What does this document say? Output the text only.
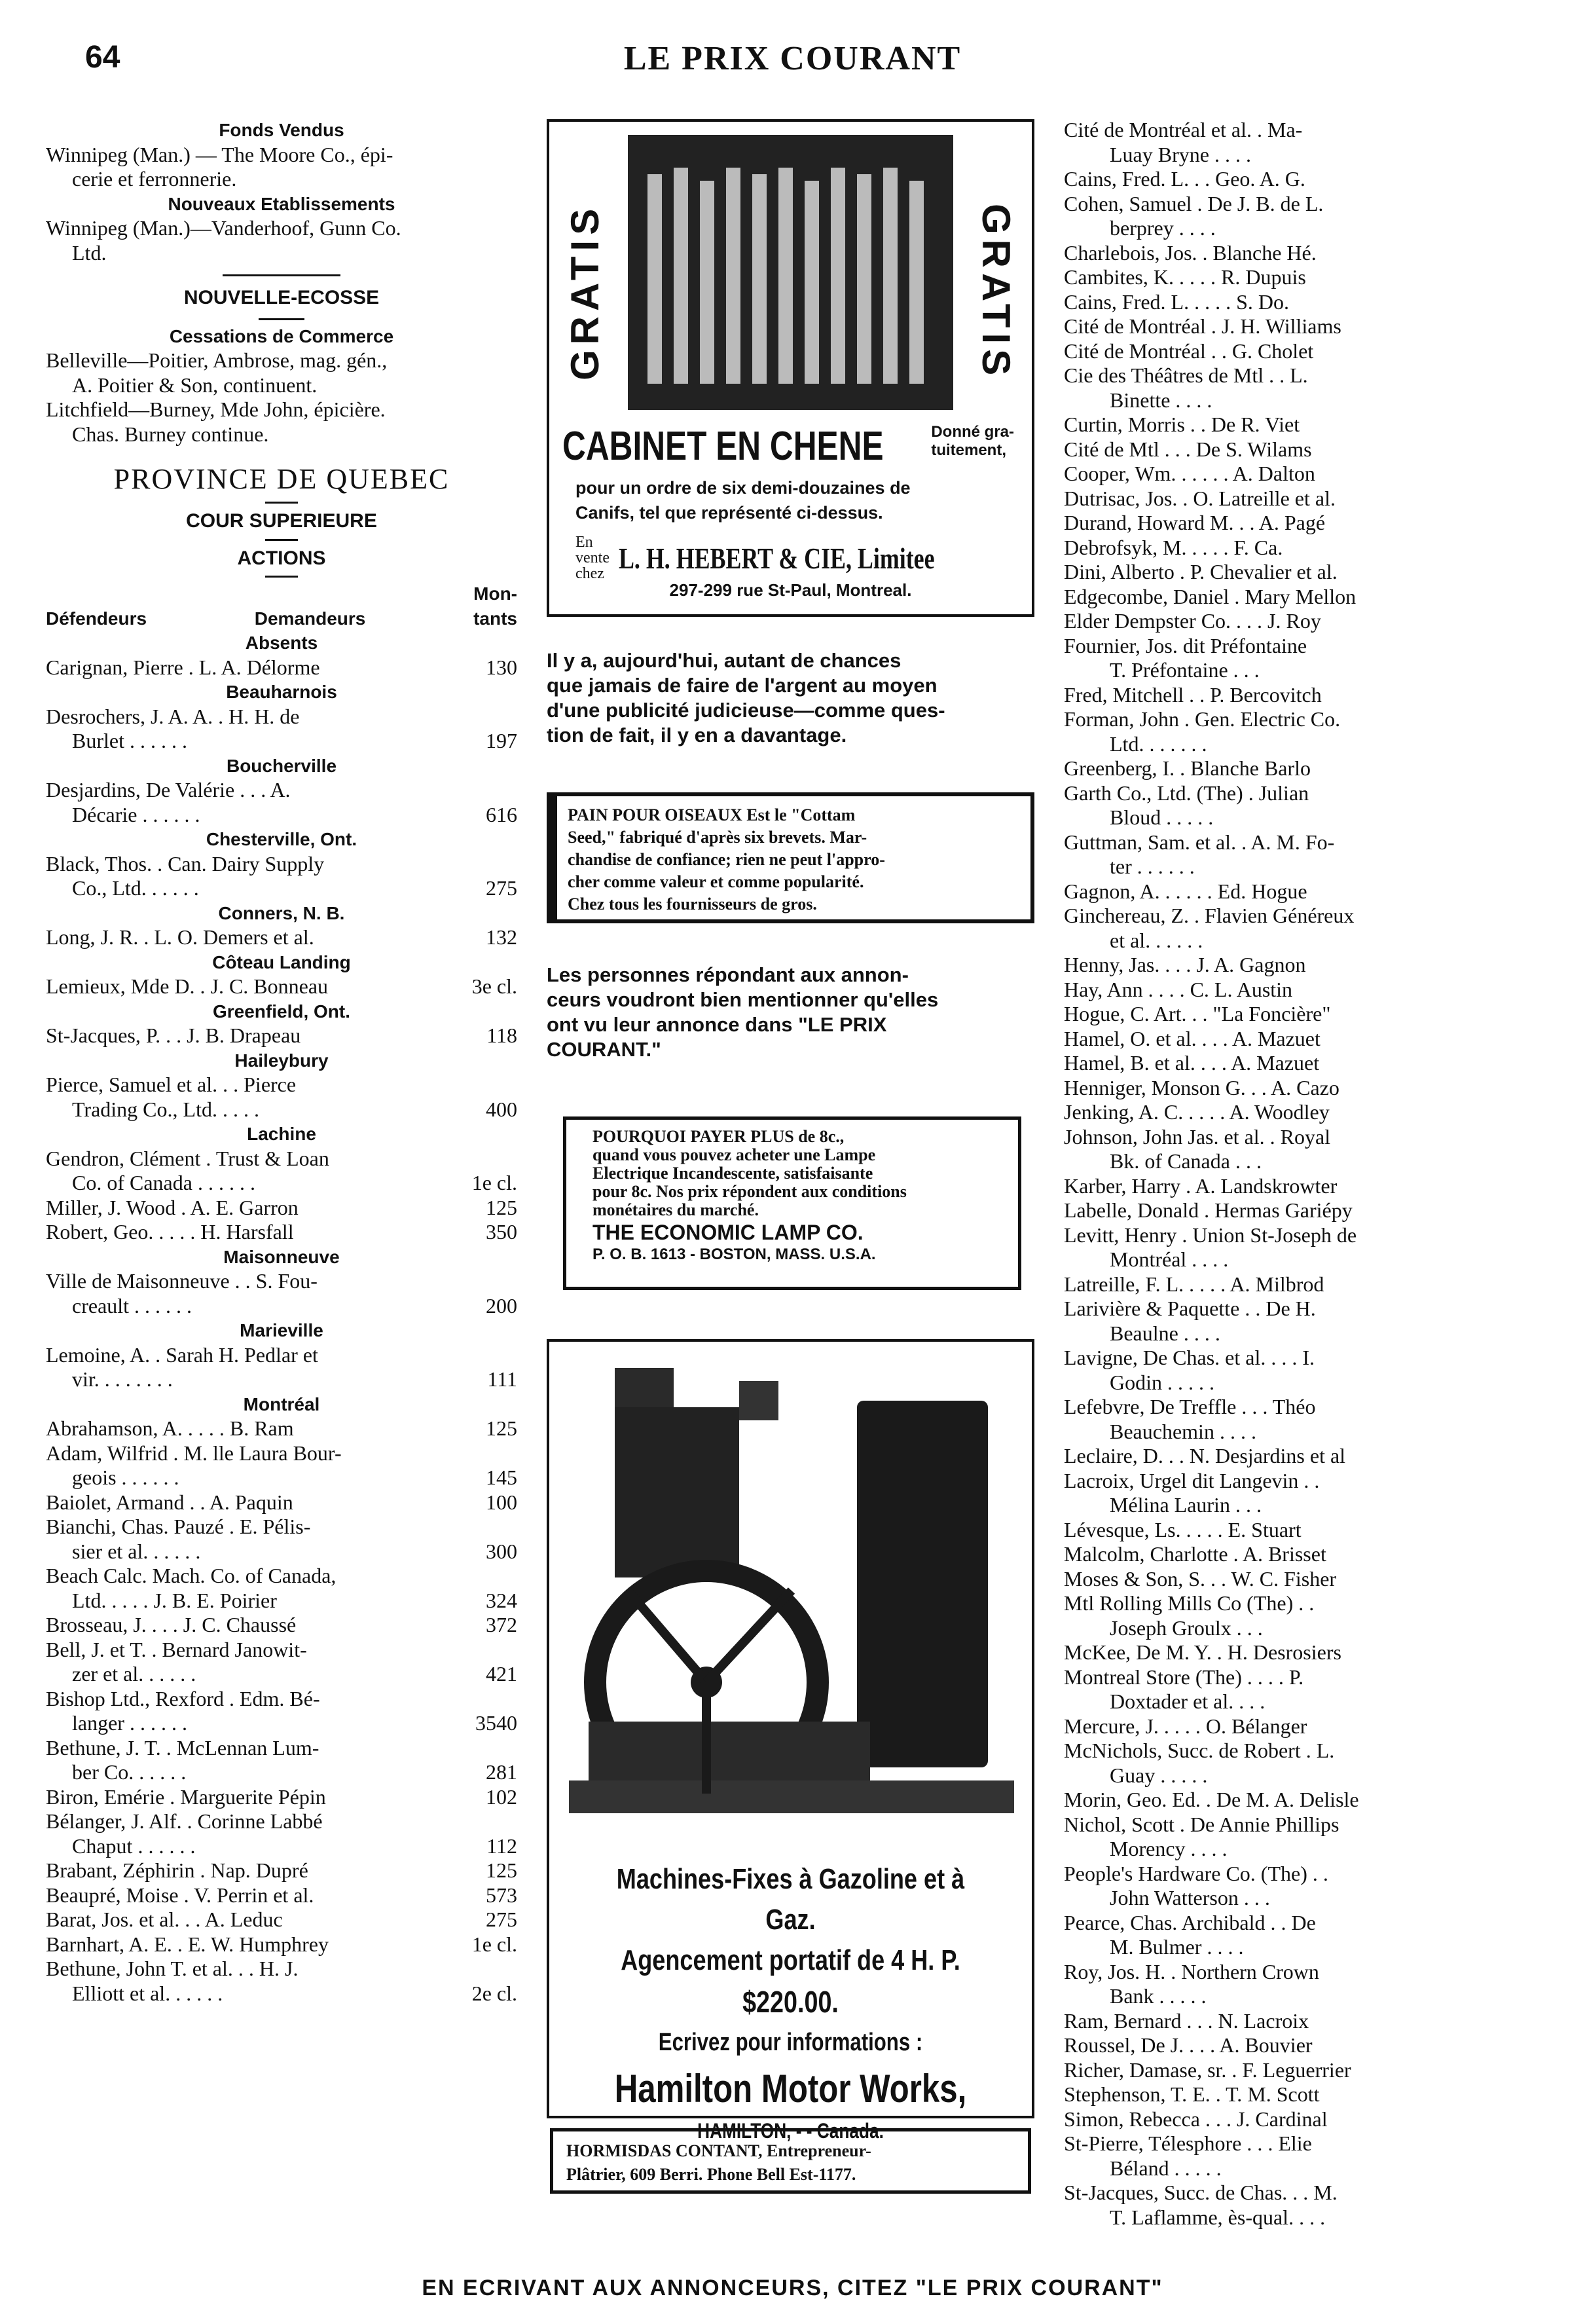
64	LE PRIX COURANT
Fonds Vendus
Winnipeg (Man.) — The Moore Co., épi-
cerie et ferronnerie.
Nouveaux Etablissements
Winnipeg (Man.)—Vanderhoof, Gunn Co.
Ltd.
NOUVELLE-ECOSSE
Cessations de Commerce
Belleville—Poitier, Ambrose, mag. gén.,
A. Poitier & Son, continuent.
Litchfield—Burney, Mde John, épicière.
Chas. Burney continue.
PROVINCE DE QUEBEC
COUR SUPERIEURE
ACTIONS
Mon-
Défendeurs	Demandeurs	tants
Absents
Carignan, Pierre . L. A. Délorme	130
Beauharnois
Desrochers, J. A. A. . H. H. de
Burlet . . . . . .	197
Boucherville
Desjardins, De Valérie . . . A.
Décarie . . . . . .	616
Chesterville, Ont.
Black, Thos. . Can. Dairy Supply
Co., Ltd. . . . . .	275
Conners, N. B.
Long, J. R. . L. O. Demers et al.	132
Côteau Landing
Lemieux, Mde D. . J. C. Bonneau	3e cl.
Greenfield, Ont.
St-Jacques, P. . . J. B. Drapeau	118
Haileybury
Pierce, Samuel et al. . . Pierce
Trading Co., Ltd. . . . .	400
Lachine
Gendron, Clément . Trust & Loan
Co. of Canada . . . . . .	1e cl.
Miller, J. Wood . A. E. Garron	125
Robert, Geo. . . . . H. Harsfall	350
Maisonneuve
Ville de Maisonneuve . . S. Fou-
creault . . . . . .	200
Marieville
Lemoine, A. . Sarah H. Pedlar et
vir. . . . . . . .	111
Montréal
Abrahamson, A. . . . . B. Ram	125
Adam, Wilfrid . M. lle Laura Bour-
geois . . . . . .	145
Baiolet, Armand . . A. Paquin	100
Bianchi, Chas. Pauzé . E. Pélis-
sier et al. . . . . .	300
Beach Calc. Mach. Co. of Canada,
Ltd. . . . . J. B. E. Poirier	324
Brosseau, J. . . . J. C. Chaussé	372
Bell, J. et T. . Bernard Janowit-
zer et al. . . . . .	421
Bishop Ltd., Rexford . Edm. Bé-
langer . . . . . .	3540
Bethune, J. T. . McLennan Lum-
ber Co. . . . . .	281
Biron, Emérie . Marguerite Pépin	102
Bélanger, J. Alf. . Corinne Labbé
Chaput . . . . . .	112
Brabant, Zéphirin . Nap. Dupré	125
Beaupré, Moise . V. Perrin et al.	573
Barat, Jos. et al. . . A. Leduc	275
Barnhart, A. E. . E. W. Humphrey	1e cl.
Bethune, John T. et al. . . H. J.
Elliott et al. . . . . .	2e cl.
GRATIS	GRATIS
CABINET EN CHENE	Donné gra-
tuitement,
pour un ordre de six demi-douzaines de
Canifs, tel que représenté ci-dessus.
En vente
chez L. H. HEBERT & CIE, Limitee
297-299 rue St-Paul, Montreal.
Il y a, aujourd'hui, autant de chances
que jamais de faire de l'argent au moyen
d'une publicité judicieuse—comme ques-
tion de fait, il y en a davantage.
PAIN POUR OISEAUX Est le "Cottam
Seed," fabriqué d'après six brevets. Mar-
chandise de confiance; rien ne peut l'appro-
cher comme valeur et comme popularité.
Chez tous les fournisseurs de gros.
Les personnes répondant aux annon-
ceurs voudront bien mentionner qu'elles
ont vu leur annonce dans "LE PRIX
COURANT."
POURQUOI PAYER PLUS de 8c.,
quand vous pouvez acheter une Lampe
Electrique Incandescente, satisfaisante
pour 8c. Nos prix répondent aux conditions
monétaires du marché.
THE ECONOMIC LAMP CO.
P. O. B. 1613 - BOSTON, MASS. U.S.A.
Machines-Fixes à Gazoline et à Gaz.
Agencement portatif de 4 H. P.
$220.00.
Ecrivez pour informations :
Hamilton Motor Works,
HAMILTON, - - Canada.
HORMISDAS CONTANT, Entrepreneur-
Plâtrier, 609 Berri. Phone Bell Est-1177.
Cité de Montréal et al. . Ma-
Luay Bryne . . . .
Cains, Fred. L. . . Geo. A. G.
Cohen, Samuel . De J. B. de L.
berprey . . . .
Charlebois, Jos. . Blanche Hé.
Cambites, K. . . . . R. Dupuis
Cains, Fred. L. . . . . S. Do.
Cité de Montréal . J. H. Williams
Cité de Montréal . . G. Cholet
Cie des Théâtres de Mtl . . L.
Binette . . . .
Curtin, Morris . . De R. Viet
Cité de Mtl . . . De S. Wilams
Cooper, Wm. . . . . . A. Dalton
Dutrisac, Jos. . O. Latreille et al.
Durand, Howard M. . . A. Pagé
Debrofsyk, M. . . . . F. Ca.
Dini, Alberto . P. Chevalier et al.
Edgecombe, Daniel . Mary Mellon
Elder Dempster Co. . . . J. Roy
Fournier, Jos. dit Préfontaine
T. Préfontaine . . .
Fred, Mitchell . . P. Bercovitch
Forman, John . Gen. Electric Co.
Ltd. . . . . . .
Greenberg, I. . Blanche Barlo
Garth Co., Ltd. (The) . Julian
Bloud . . . . .
Guttman, Sam. et al. . A. M. Fo-
ter . . . . . .
Gagnon, A. . . . . . Ed. Hogue
Ginchereau, Z. . Flavien Généreux
et al. . . . . .
Henny, Jas. . . . J. A. Gagnon
Hay, Ann . . . . C. L. Austin
Hogue, C. Art. . . "La Foncière"
Hamel, O. et al. . . . A. Mazuet
Hamel, B. et al. . . . A. Mazuet
Henniger, Monson G. . . A. Cazo
Jenking, A. C. . . . . A. Woodley
Johnson, John Jas. et al. . Royal
Bk. of Canada . . .
Karber, Harry . A. Landskrowter
Labelle, Donald . Hermas Gariépy
Levitt, Henry . Union St-Joseph de
Montréal . . . .
Latreille, F. L. . . . . A. Milbrod
Larivière & Paquette . . De H.
Beaulne . . . .
Lavigne, De Chas. et al. . . . I.
Godin . . . . .
Lefebvre, De Treffle . . . Théo
Beauchemin . . . .
Leclaire, D. . . N. Desjardins et al
Lacroix, Urgel dit Langevin . .
Mélina Laurin . . .
Lévesque, Ls. . . . . E. Stuart
Malcolm, Charlotte . A. Brisset
Moses & Son, S. . . W. C. Fisher
Mtl Rolling Mills Co (The) . .
Joseph Groulx . . .
McKee, De M. Y. . H. Desrosiers
Montreal Store (The) . . . . P.
Doxtader et al. . . .
Mercure, J. . . . . O. Bélanger
McNichols, Succ. de Robert . L.
Guay . . . . .
Morin, Geo. Ed. . De M. A. Delisle
Nichol, Scott . De Annie Phillips
Morency . . . .
People's Hardware Co. (The) . .
John Watterson . . .
Pearce, Chas. Archibald . . De
M. Bulmer . . . .
Roy, Jos. H. . Northern Crown
Bank . . . . .
Ram, Bernard . . . N. Lacroix
Roussel, De J. . . . A. Bouvier
Richer, Damase, sr. . F. Leguerrier
Stephenson, T. E. . T. M. Scott
Simon, Rebecca . . . J. Cardinal
St-Pierre, Télesphore . . . Elie
Béland . . . . .
St-Jacques, Succ. de Chas. . . M.
T. Laflamme, ès-qual. . . .
EN ECRIVANT AUX ANNONCEURS, CITEZ "LE PRIX COURANT"
